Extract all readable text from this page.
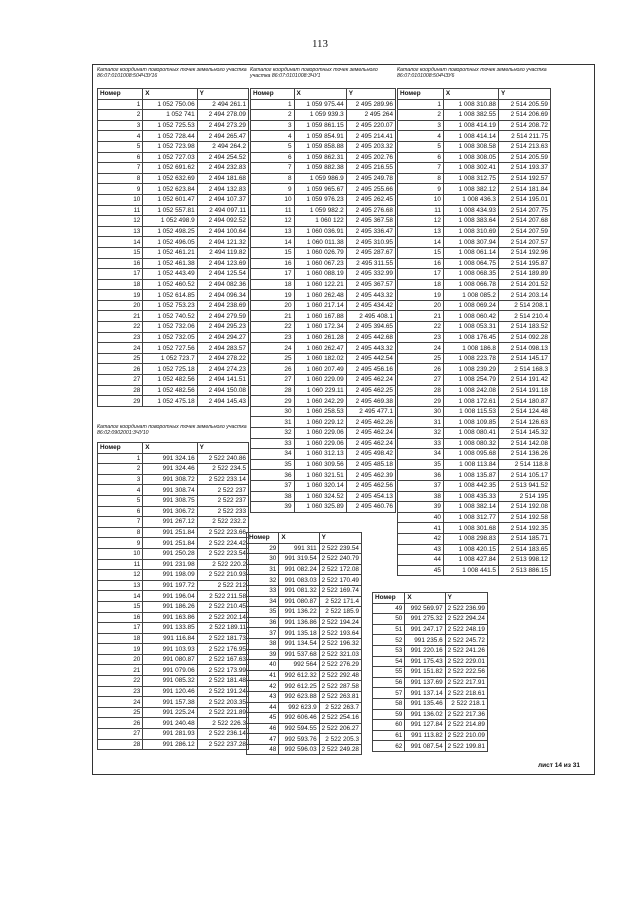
113
Каталог координат поворотных точек земельного участка 86:07:0101008:504ЧЗУ16
Номер	X	Y
1	1 052 750.06	2 494 261.1
2	1 052 741	2 494 278.09
3	1 052 725.53	2 494 273.29
4	1 052 728.44	2 494 265.47
5	1 052 723.98	2 494 264.2
6	1 052 727.03	2 494 254.52
7	1 052 691.62	2 494 232.83
8	1 052 632.69	2 494 181.68
9	1 052 623.84	2 494 132.83
10	1 052 601.47	2 494 107.37
11	1 052 557.81	2 494 097.11
12	1 052 498.9	2 494 092.52
13	1 052 498.25	2 494 100.64
14	1 052 496.05	2 494 121.32
15	1 052 461.21	2 494 119.82
16	1 052 461.38	2 494 123.69
17	1 052 443.49	2 494 125.54
18	1 052 460.52	2 494 082.36
19	1 052 614.85	2 494 096.34
20	1 052 753.23	2 494 238.69
21	1 052 740.52	2 494 279.59
22	1 052 732.06	2 494 295.23
23	1 052 732.05	2 494 294.27
24	1 052 727.56	2 494 283.57
25	1 052 723.7	2 494 278.22
26	1 052 725.18	2 494 274.23
27	1 052 482.56	2 494 141.51
28	1 052 482.56	2 494 150.08
29	1 052 475.18	2 494 145.43
Каталог координат поворотных точек земельного участка 86:07:0101008:3ЧУ1
Номер	X	Y
1	1 059 975.44	2 495 289.96
2	1 059 939.3	2 495 264
3	1 059 861.15	2 495 220.07
4	1 059 854.91	2 495 214.41
5	1 059 858.88	2 495 203.32
6	1 059 862.31	2 495 202.76
7	1 059 882.38	2 495 216.55
8	1 059 986.9	2 495 249.78
9	1 059 965.67	2 495 255.66
10	1 059 976.23	2 495 262.45
11	1 059 982.2	2 495 276.68
12	1 060 122	2 495 367.58
13	1 060 036.91	2 495 336.47
14	1 060 011.38	2 495 310.95
15	1 060 026.79	2 495 287.67
16	1 060 067.23	2 495 311.55
17	1 060 088.19	2 495 332.99
18	1 060 122.21	2 495 367.57
19	1 060 262.48	2 495 443.32
20	1 060 217.14	2 495 434.42
21	1 060 167.88	2 495 408.1
22	1 060 172.34	2 495 394.65
23	1 060 261.28	2 495 442.68
24	1 060 262.47	2 495 443.32
25	1 060 182.02	2 495 442.54
26	1 060 207.49	2 495 456.16
27	1 060 229.09	2 495 462.24
28	1 060 229.11	2 495 462.25
29	1 060 242.29	2 495 469.38
30	1 060 258.53	2 495 477.1
31	1 060 229.12	2 495 462.26
32	1 060 229.06	2 495 462.24
33	1 060 229.06	2 495 462.24
34	1 060 312.13	2 495 498.42
35	1 060 309.56	2 495 485.18
36	1 060 321.51	2 495 462.39
37	1 060 320.14	2 495 462.56
38	1 060 324.52	2 495 454.13
39	1 060 325.89	2 495 460.76
Каталог координат поворотных точек земельного участка 86:07:0101008:504ЧЗУ6
Номер	X	Y
1	1 008 310.88	2 514 205.59
2	1 008 382.55	2 514 206.69
3	1 008 414.19	2 514 208.72
4	1 008 414.14	2 514 211.75
5	1 008 308.58	2 514 213.63
6	1 008 308.05	2 514 205.59
7	1 008 302.41	2 514 193.37
8	1 008 312.75	2 514 192.57
9	1 008 382.12	2 514 181.84
10	1 008 436.3	2 514 195.01
11	1 008 434.93	2 514 207.75
12	1 008 383.64	2 514 207.68
13	1 008 310.69	2 514 207.59
14	1 008 307.94	2 514 207.57
15	1 008 061.14	2 514 192.96
16	1 008 064.75	2 514 195.87
17	1 008 068.35	2 514 189.89
18	1 008 066.78	2 514 201.52
19	1 008 085.2	2 514 203.14
20	1 008 069.24	2 514 208.1
21	1 008 060.42	2 514 210.4
22	1 008 053.31	2 514 183.52
23	1 008 176.45	2 514 092.28
24	1 008 186.8	2 514 098.13
25	1 008 223.78	2 514 145.17
26	1 008 239.29	2 514 168.3
27	1 008 254.79	2 514 191.42
28	1 008 242.08	2 514 191.18
29	1 008 172.61	2 514 180.87
30	1 008 115.53	2 514 124.48
31	1 008 109.85	2 514 126.63
32	1 008 080.41	2 514 145.32
33	1 008 080.32	2 514 142.08
34	1 008 095.68	2 514 136.26
35	1 008 113.84	2 514 118.8
36	1 008 135.87	2 514 105.17
37	1 008 442.35	2 513 941.52
38	1 008 435.33	2 514 195
39	1 008 382.14	2 514 192.08
40	1 008 312.77	2 514 192.58
41	1 008 301.68	2 514 192.35
42	1 008 298.83	2 514 185.71
43	1 008 420.15	2 514 183.65
44	1 008 427.84	2 513 998.12
45	1 008 441.5	2 513 886.15
Каталог координат поворотных точек земельного участка 86:02:0902001:3ЧУ10
Номер	X	Y
1	991 324.16	2 522 240.86
2	991 324.46	2 522 234.5
3	991 308.72	2 522 233.14
4	991 308.74	2 522 237
5	991 308.75	2 522 237
6	991 306.72	2 522 233
7	991 267.12	2 522 232.2
8	991 251.84	2 522 223.66
9	991 251.84	2 522 224.42
10	991 250.28	2 522 223.54
11	991 231.98	2 522 220.2
12	991 198.09	2 522 210.93
13	991 197.72	2 522 212
14	991 196.04	2 522 211.58
15	991 186.26	2 522 210.45
16	991 163.86	2 522 202.14
17	991 133.85	2 522 189.11
18	991 116.84	2 522 181.73
19	991 103.93	2 522 176.95
20	991 080.87	2 522 167.63
21	991 079.06	2 522 173.99
22	991 085.32	2 522 181.48
23	991 120.46	2 522 191.24
24	991 157.38	2 522 203.35
25	991 225.24	2 522 221.89
26	991 240.48	2 522 226.3
27	991 281.93	2 522 236.14
28	991 286.12	2 522 237.28
Номер	X	Y
29	991 311	2 522 239.54
30	991 319.54	2 522 240.79
31	991 082.24	2 522 172.08
32	991 083.03	2 522 170.49
33	991 081.32	2 522 169.74
34	991 080.87	2 522 171.4
35	991 136.22	2 522 185.9
36	991 136.86	2 522 194.24
37	991 135.18	2 522 193.64
38	991 134.54	2 522 196.32
39	991 537.68	2 522 321.03
40	992 564	2 522 276.29
41	992 612.32	2 522 292.48
42	992 612.25	2 522 287.58
43	992 623.88	2 522 263.81
44	992 623.9	2 522 263.7
45	992 606.46	2 522 254.16
46	992 594.55	2 522 206.27
47	992 593.76	2 522 205.3
48	992 596.03	2 522 249.28
Номер	X	Y
49	992 569.97	2 522 236.99
50	991 275.32	2 522 294.24
51	991 247.17	2 522 248.19
52	991 235.6	2 522 245.72
53	991 220.16	2 522 241.26
54	991 175.43	2 522 229.01
55	991 151.82	2 522 222.56
56	991 137.69	2 522 217.91
57	991 137.14	2 522 218.61
58	991 135.46	2 522 218.1
59	991 136.02	2 522 217.36
60	991 127.84	2 522 214.89
61	991 113.82	2 522 210.09
62	991 087.54	2 522 199.81
лист 14 из 31
